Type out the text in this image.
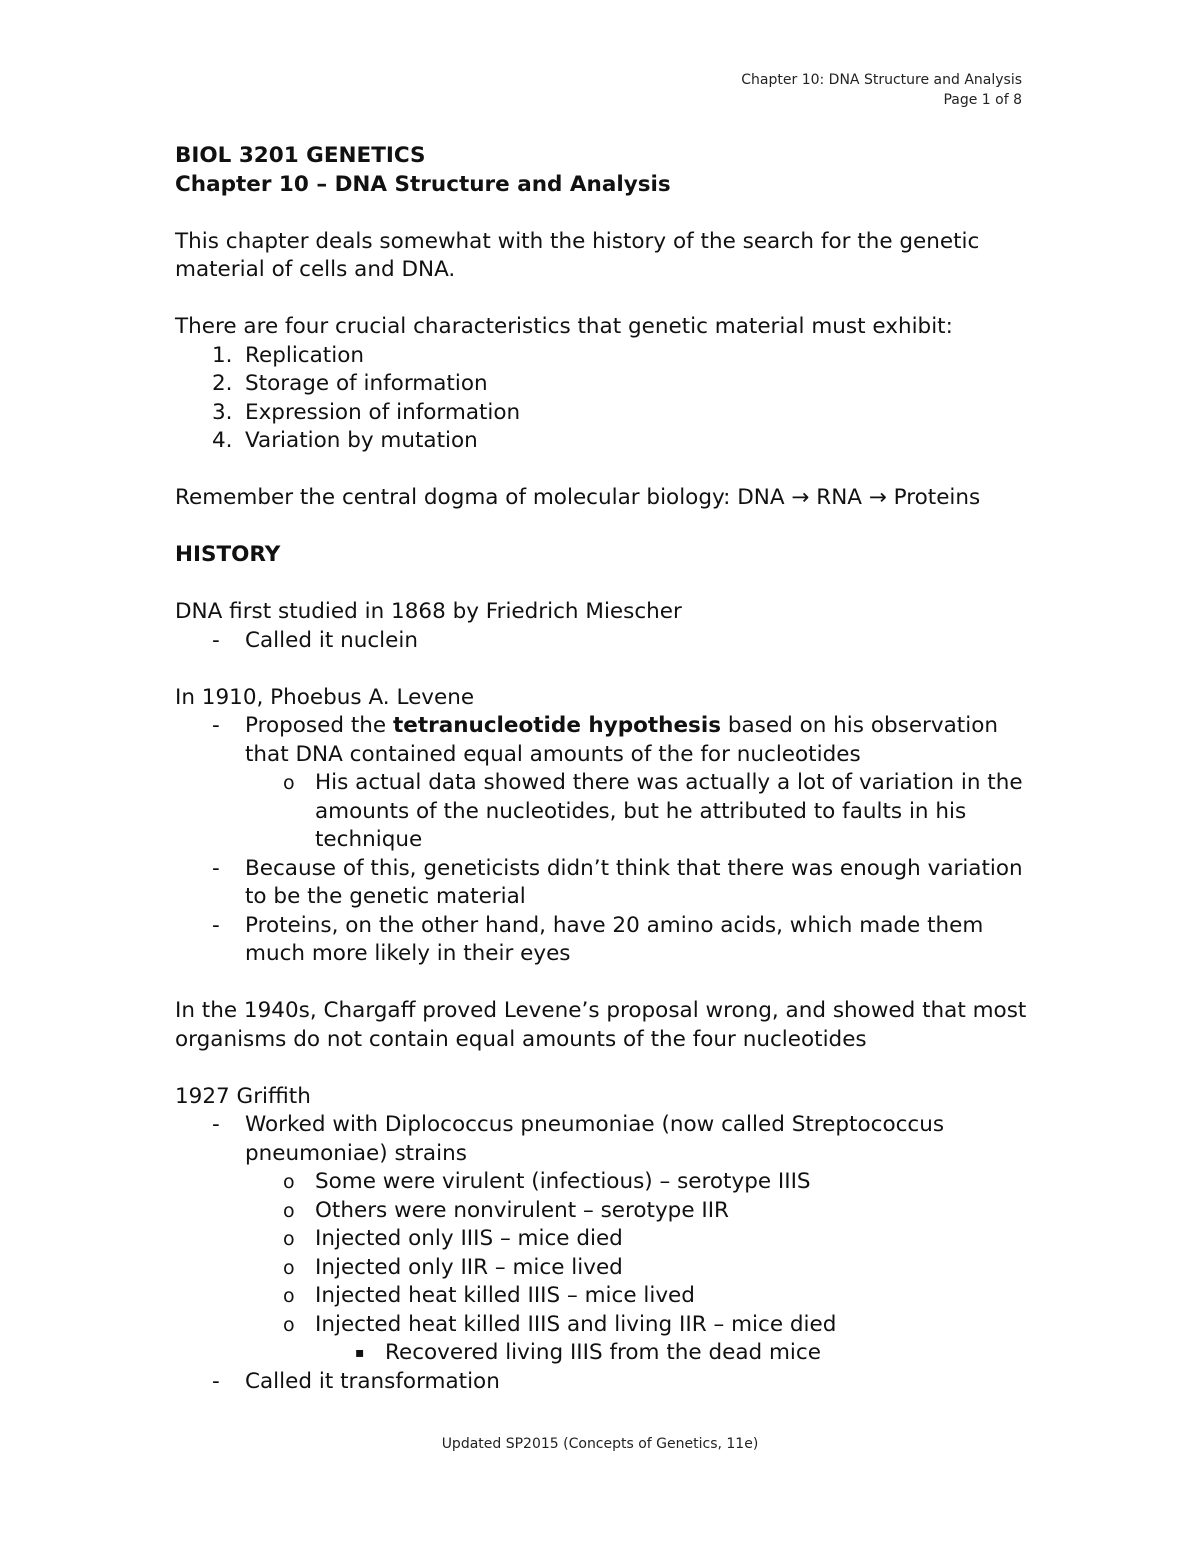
Chapter 10: DNA Structure and Analysis
Page 1 of 8

BIOL 3201 GENETICS

Chapter 10 – DNA Structure and Analysis

This chapter deals somewhat with the history of the search for the genetic material of cells and DNA.

There are four crucial characteristics that genetic material must exhibit:

1. Replication
2. Storage of information
3. Expression of information
4. Variation by mutation

Remember the central dogma of molecular biology: DNA → RNA → Proteins

HISTORY

DNA first studied in 1868 by Friedrich Miescher

- Called it nuclein

In 1910, Phoebus A. Levene

- Proposed the tetranucleotide hypothesis based on his observation that DNA contained equal amounts of the for nucleotides
o His actual data showed there was actually a lot of variation in the amounts of the nucleotides, but he attributed to faults in his technique
- Because of this, geneticists didn’t think that there was enough variation to be the genetic material
- Proteins, on the other hand, have 20 amino acids, which made them much more likely in their eyes

In the 1940s, Chargaff proved Levene’s proposal wrong, and showed that most organisms do not contain equal amounts of the four nucleotides

1927 Griffith

- Worked with Diplococcus pneumoniae (now called Streptococcus pneumoniae) strains
o Some were virulent (infectious) – serotype IIIS
o Others were nonvirulent – serotype IIR
o Injected only IIIS – mice died
o Injected only IIR – mice lived
o Injected heat killed IIIS – mice lived
o Injected heat killed IIIS and living IIR – mice died
▪ Recovered living IIIS from the dead mice
- Called it transformation
Updated SP2015 (Concepts of Genetics, 11e)
